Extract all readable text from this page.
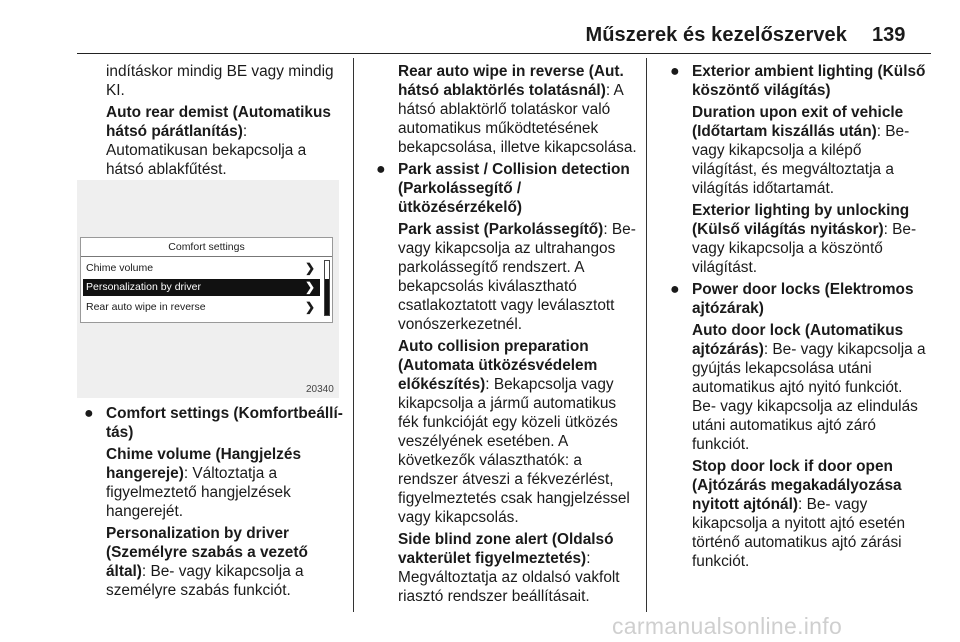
Műszerek és kezelőszervek 139

indításkor mindig BE vagy mindig KI.

Auto rear demist (Automatikus hátsó párátlanítás): Automatikusan bekapcsolja a hátsó ablakfűtést.

Comfort settings
Chime volume	❯
Personalization by driver	❯
Rear auto wipe in reverse	❯
20340

● Comfort settings (Komfortbeállítás)

Chime volume (Hangjelzés hangereje): Változtatja a figyelmeztető hangjelzések hangerejét.

Personalization by driver (Személyre szabás a vezető által): Be- vagy kikapcsolja a személyre szabás funkciót.

Rear auto wipe in reverse (Aut. hátsó ablaktörlés tolatásnál): A hátsó ablaktörlő tolatáskor való automatikus működtetésének bekapcsolása, illetve kikapcsolása.

● Park assist / Collision detection (Parkolássegítő / ütközésérzékelő)

Park assist (Parkolássegítő): Be- vagy kikapcsolja az ultrahangos parkolássegítő rendszert. A bekapcsolás kiválasztható csatlakoztatott vagy leválasztott vonószerkezetnél.

Auto collision preparation (Automata ütközésvédelem előkészítés): Bekapcsolja vagy kikapcsolja a jármű automatikus fék funkcióját egy közeli ütközés veszélyének esetében. A következők választhatók: a rendszer átveszi a fékvezérlést, figyelmeztetés csak hangjelzéssel vagy kikapcsolás.

Side blind zone alert (Oldalsó vakterület figyelmeztetés): Megváltoztatja az oldalsó vakfolt riasztó rendszer beállításait.

● Exterior ambient lighting (Külső köszöntő világítás)

Duration upon exit of vehicle (Időtartam kiszállás után): Be- vagy kikapcsolja a kilépő világítást, és megváltoztatja a világítás időtartamát.

Exterior lighting by unlocking (Külső világítás nyitáskor): Be- vagy kikapcsolja a köszöntő világítást.

● Power door locks (Elektromos ajtózárak)

Auto door lock (Automatikus ajtózárás): Be- vagy kikapcsolja a gyújtás lekapcsolása utáni automatikus ajtó nyitó funkciót. Be- vagy kikapcsolja az elindulás utáni automatikus ajtó záró funkciót.

Stop door lock if door open (Ajtózárás megakadályozása nyitott ajtónál): Be- vagy kikapcsolja a nyitott ajtó esetén történő automatikus ajtó zárási funkciót.

carmanualsonline.info
